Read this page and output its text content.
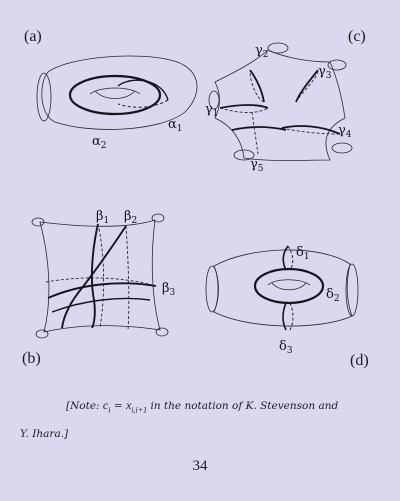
(a)	(c)
(b)	(d)
$\alpha_1$
$\alpha_2$
$\gamma_2$
$\gamma_3$
$\gamma_1$
$\gamma_4$
$\gamma_5$
$\beta_1$ $\beta_2$
$\beta_3$
$\delta_1$
$\delta_2$
$\delta_3$
[Note: $c_i = x_{i,i+1}$ in the notation of K. Stevenson and
Y. Ihara.]
34
